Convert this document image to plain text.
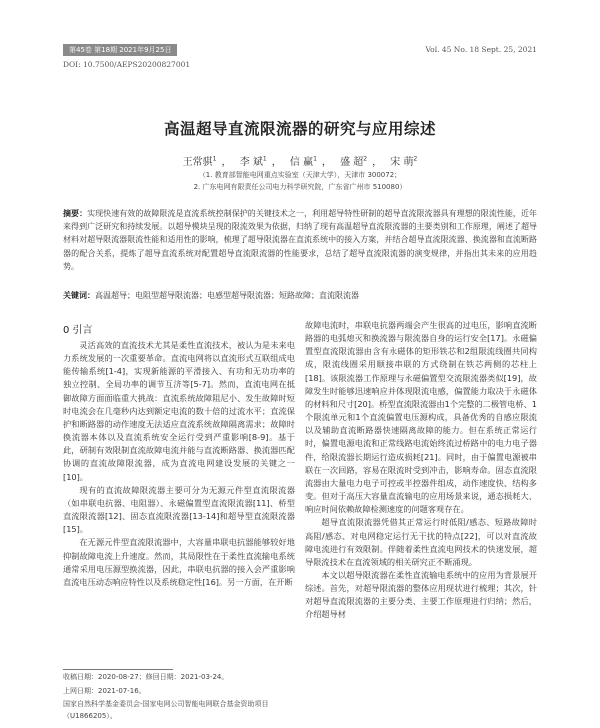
第45卷 第18期 2021年9月25日	Vol. 45 No. 18 Sept. 25, 2021
DOI: 10.7500/AEPS20200827001
高温超导直流限流器的研究与应用综述
王常骐$^1$ ， 李 斌$^1$ ， 信 赢$^1$ ， 盛 超$^2$ ， 宋 萌$^2$
（1. 教育部智能电网重点实验室（天津大学），天津市 300072；
2. 广东电网有限责任公司电力科学研究院，广东省广州市 510080）
摘要：实现快速有效的故障限流是直流系统控制保护的关键技术之一，利用超导特性研制的超导直流限流器具有理想的限流性能，近年来得到广泛研究和持续发展。以超导模块呈现的限流效果为依据，归纳了现有高温超导直流限流器的主要类别和工作原理，阐述了超导材料对超导限流器限流性能和适用性的影响，梳理了超导限流器在直流系统中的接入方案，并结合超导直流限流器、换流器和直流断路器的配合关系，提炼了超导直流系统对配置超导直流限流器的性能要求，总结了超导直流限流器的演变规律，并指出其未来的应用趋势。
关键词：高温超导；电阻型超导限流器；电感型超导限流器；短路故障；直流限流器
0 引言

灵活高效的直流技术尤其是柔性直流技术，被认为是未来电力系统发展的一次重要革命。直流电网将以直流形式互联组成电能传输系统[1-4]，实现新能源的平滑接入、有功和无功功率的独立控制、全局功率的调节互济等[5-7]。然而，直流电网在抵御故障方面面临重大挑战：直流系统故障阻尼小、发生故障时短时电流会在几毫秒内达到额定电流的数十倍的过流水平；直流保护和断路器的动作速度无法适应直流系统故障隔离需求；故障时换流器本体以及直流系统安全运行受到严重影响[8-9]。基于此，研制有效限制直流故障电流并能与直流断路器、换流器匹配协调的直流故障限流器，成为直流电网建设发展的关键之一[10]。

现有的直流故障限流器主要可分为无源元件型直流限流器（如串联电抗器、电阻器）、永磁偏置型直流限流器[11]、桥型直流限流器[12]、固态直流限流器[13-14]和超导型直流限流器[15]。

在无源元件型直流限流器中，大容量串联电抗器能够较好地抑制故障电流上升速度。然而，其局限性在于柔性直流输电系统通常采用电压源型换流器，因此，串联电抗器的接入会严重影响直流电压动态响应特性以及系统稳定性[16]。另一方面，在开断

故障电流时，串联电抗器两端会产生很高的过电压，影响直流断路器的电弧熄灭和换流器与限流器自身的运行安全[17]。永磁偏置型直流限流器由含有永磁体的矩形铁芯和2组限流线圈共同构成，限流线圈采用顺接串联的方式绕制在铁芯两侧的芯柱上[18]。该限流器工作原理与永磁偏置型交流限流器类似[19]，故障发生时能够迅速响应并体现限流电感，偏置能力取决于永磁体的材料和尺寸[20]。桥型直流限流器由1个完整的二极管电桥、1个限流单元和1个直流偏置电压源构成，具备优秀的自感应限流以及辅助直流断路器快速隔离故障的能力。但在系统正常运行时，偏置电源电流和正常线路电流始终流过桥路中的电力电子器件，给限流器长期运行造成损耗[21]。同时，由于偏置电源被串联在一次回路，容易在限流时受到冲击，影响寿命。固态直流限流器由大量电力电子可控或半控器件组成，动作速度快、结构多变。但对于高压大容量直流输电的应用场景来说，通态损耗大、响应时间依赖故障检测速度的问题客观存在。

超导直流限流器凭借其正常运行时低阻/感态、短路故障时高阻/感态、对电网稳定运行无干扰的特点[22]，可以对直流故障电流进行有效限制。伴随着柔性直流电网技术的快速发展，超导限流技术在直流领域的相关研究正不断涌现。

本文以超导限流器在柔性直流输电系统中的应用为背景展开综述。首先，对超导限流器的整体应用现状进行梳理；其次，针对超导直流限流器的主要分类、主要工作原理进行归纳；然后，介绍超导材

收稿日期：2020-08-27；修回日期：2021-03-24。
上网日期：2021-07-16。
国家自然科学基金委员会-国家电网公司智能电网联合基金资助项目（U1866205）。
